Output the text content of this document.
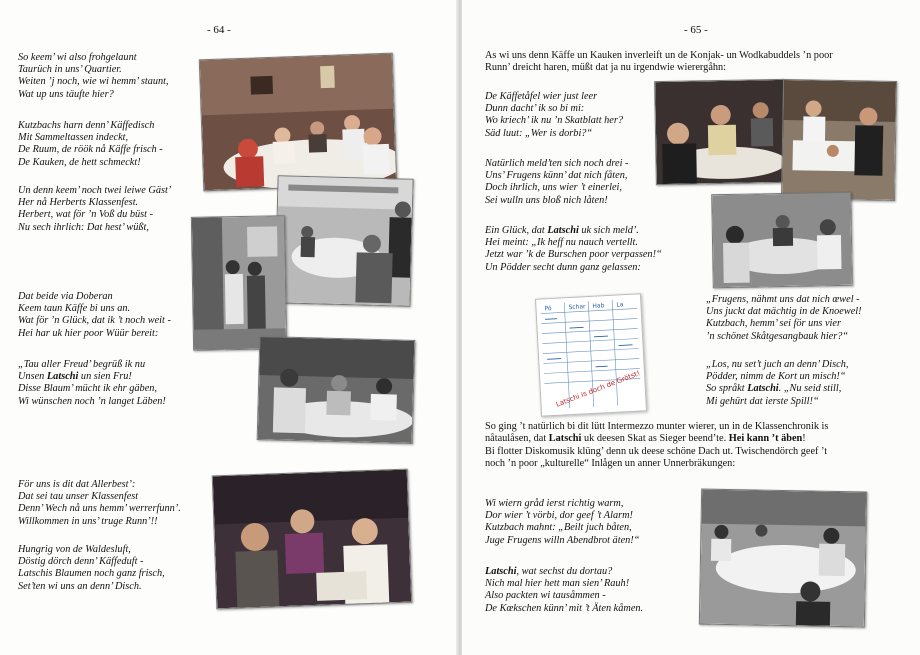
- 64 -
So keem’ wi also frohgelaunt
Taurüch in uns’ Quartier.
Weiten ’j noch, wie wi hemm’ staunt,
Wat up uns täufte hier?
Kutzbachs harn denn’ Käffedisch
Mit Sammeltassen indeckt,
De Ruum, de röök nå Käffe frisch -
De Kauken, de hett schmeckt!
Un denn keem’ noch twei leiwe Gäst’
Her nå Herberts Klassenfest.
Herbert, wat för ’n Voß du büst -
Nu sech ihrlich: Dat hest’ wüßt,
Dat beide via Doberan
Keem taun Käffe bi uns an.
Wat för ’n Glück, dat ik ’t noch weit -
Hei har uk hier poor Wüür bereit:
„Tau aller Freud’ begrüß ik nu
Unsen Latschi un sien Fru!
Disse Blaum’ mücht ik ehr gäben,
Wi wünschen noch ’n langet Läben!
För uns is dit dat Allerbest’:
Dat sei tau unser Klassenfest
Denn’ Wech nå uns hemm’ werrerfunn’.
Willkommen in uns’ truge Runn’!!
Hungrig von de Waldesluft,
Döstig dörch denn’ Käffeduft -
Latschis Blaumen noch ganz frisch,
Set’ten wi uns an denn’ Disch.
- 65 -
As wi uns denn Käffe un Kauken inverleift un de Konjak- un Wodkabuddels ’n poor
Runn’ dreicht haren, müßt dat ja nu irgendwie wierergåhn:
De Käffetåfel wier just leer
Dunn dacht’ ik so bi mi:
Wo kriech’ ik nu ’n Skatblatt her?
Säd luut: „Wer is dorbi?“
Natürlich meld’ten sich noch drei -
Uns’ Frugens künn’ dat nich fåten,
Doch ihrlich, uns wier ’t einerlei,
Sei wulln uns bloß nich låten!
Ein Glück, dat Latschi uk sich meld’.
Hei meint: „Ik heff nu nauch vertellt.
Jetzt war ’k de Burschen poor verpassen!“
Un Pödder secht dunn ganz gelassen:
„Frugens, nähmt uns dat nich œwel -
Uns juckt dat mächtig in de Knoewel!
Kutzbach, hemm’ sei för uns vier
’n schönet Skåtgesangbauk hier?“
„Los, nu set’t juch an denn’ Disch,
Pödder, nimm de Kort un misch!“
So språkt Latschi. „Nu seid still,
Mi gehürt dat ierste Spill!“
So ging ’t natürlich bi dit lütt Intermezzo munter wierer, un in de Klassenchronik is
nåtaulåsen, dat Latschi uk deesen Skat as Sieger beend’te. Hei kann ’t äben!
Bi flotter Diskomusik klüng’ denn uk deese schöne Dach ut. Twischendörch geef ’t
noch ’n poor „kulturelle“ Inlågen un anner Unnerbräkungen:
Wi wiern gråd ierst richtig warm,
Dor wier ’t vörbi, dor geef ’t Alarm!
Kutzbach mahnt: „Beilt juch båten,
Juge Frugens willn Abendbrot äten!“
Latschi, wat sechst du dortau?
Nich mal hier hett man sien’ Rauh!
Also packten wi tausåmmen -
De Kœkschen künn’ mit ’t Äten kåmen.
Pö	Schar Hab La
Latschi is doch de Grötst!
